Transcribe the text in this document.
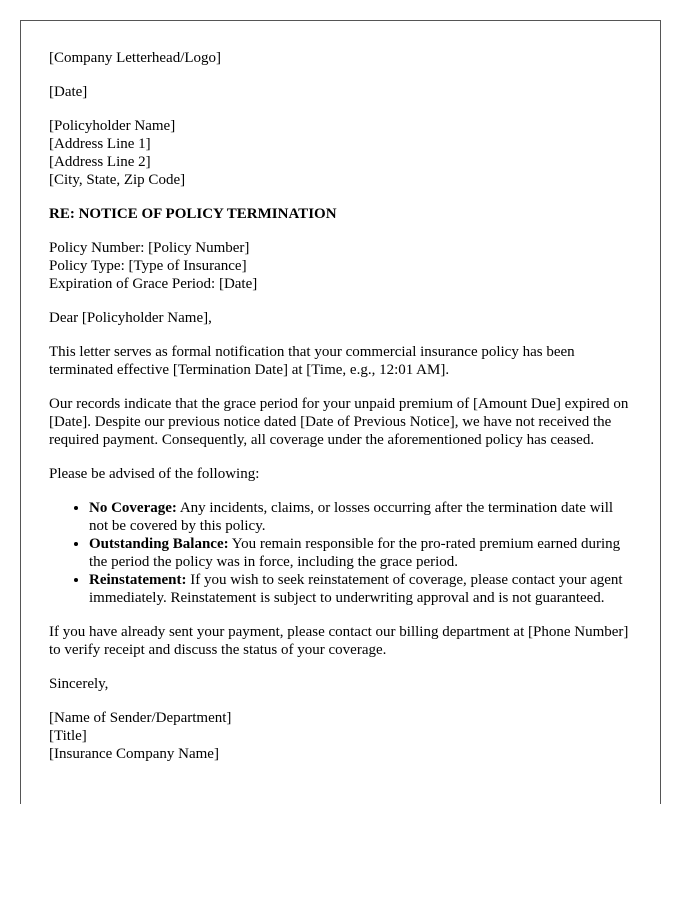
[Company Letterhead/Logo]

[Date]

[Policyholder Name]
[Address Line 1]
[Address Line 2]
[City, State, Zip Code]

RE: NOTICE OF POLICY TERMINATION

Policy Number: [Policy Number]
Policy Type: [Type of Insurance]
Expiration of Grace Period: [Date]

Dear [Policyholder Name],

This letter serves as formal notification that your commercial insurance policy has been terminated effective [Termination Date] at [Time, e.g., 12:01 AM].

Our records indicate that the grace period for your unpaid premium of [Amount Due] expired on [Date]. Despite our previous notice dated [Date of Previous Notice], we have not received the required payment. Consequently, all coverage under the aforementioned policy has ceased.

Please be advised of the following:

• No Coverage: Any incidents, claims, or losses occurring after the termination date will not be covered by this policy.
• Outstanding Balance: You remain responsible for the pro-rated premium earned during the period the policy was in force, including the grace period.
• Reinstatement: If you wish to seek reinstatement of coverage, please contact your agent immediately. Reinstatement is subject to underwriting approval and is not guaranteed.

If you have already sent your payment, please contact our billing department at [Phone Number] to verify receipt and discuss the status of your coverage.

Sincerely,

[Name of Sender/Department]
[Title]
[Insurance Company Name]
